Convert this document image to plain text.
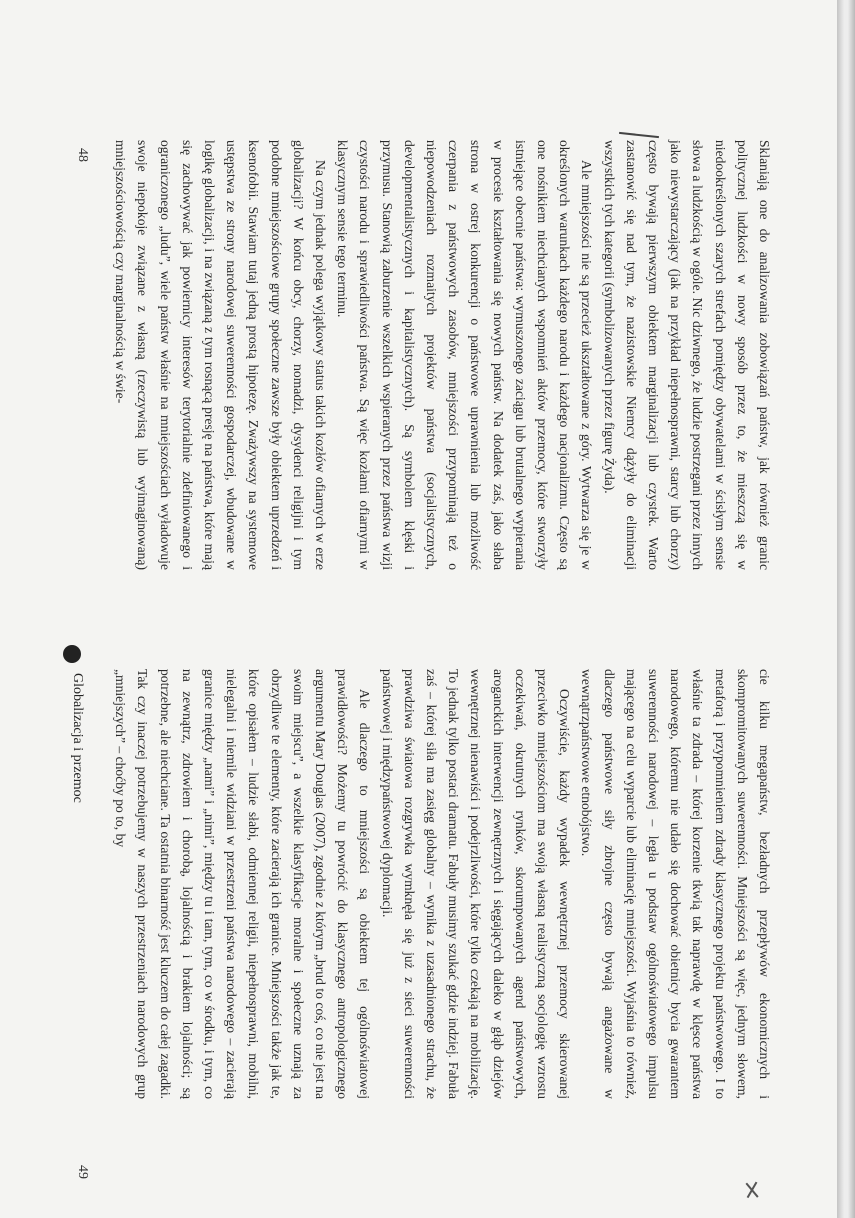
Sklaniają one do analizowania zobowiązań państw, jak również granic politycznej ludzkości w nowy sposób przez to, że mieszczą się w niedookreślonych szarych strefach pomiędzy obywatelami w ścisłym sensie słowa a ludzkością w ogóle. Nic dziwnego, że ludzie postrzegani przez innych jako niewystarczający (jak na przykład niepełnosprawni, starcy lub chorzy) często bywają pierwszym obiektem marginalizacji lub czystek. Warto zastanowić się nad tym, że nazistowskie Niemcy dążyły do eliminacji wszystkich tych kategorii (symbolizowanych przez figurę Żyda).

Ale mniejszości nie są przecież ukształtowane z góry. Wytwarza się je w określonych warunkach każdego narodu i każdego nacjonalizmu. Często są one nośnikiem niechcianych wspomnień aktów przemocy, które stworzyły istniejące obecnie państwa: wymuszonego zaciągu lub brutalnego wypierania w procesie kształtowania się nowych państw. Na dodatek zaś, jako słaba strona w ostrej konkurencji o państwowe uprawnienia lub możliwość czerpania z państwowych zasobów, mniejszości przypominają też o niepowodzeniach rozmaitych projektów państwa (socjalistycznych, developmentalistycznych i kapitalistycznych). Są symbolem klęski i przymusu. Stanowią zaburzenie wszelkich wspieranych przez państwa wizji czystości narodu i sprawiedliwości państwa. Są więc kozłami ofiarnymi w klasycznym sensie tego terminu.

Na czym jednak polega wyjątkowy status takich kozłów ofiarnych w erze globalizacji? W końcu obcy, chorzy, nomadzi, dysydenci religijni i tym podobne mniejszościowe grupy społeczne zawsze były obiektem uprzedzeń i ksenofobii. Stawiam tutaj jedną prostą hipotezę. Zważywszy na systemowe ustępstwa ze strony narodowej suwerenności gospodarczej, wbudowane w logikę globalizacji, i na związaną z tym rosnącą presję na państwa, które mają się zachowywać jak powiernicy interesów terytorialnie zdefiniowanego i ograniczonego „ludu”, wiele państw właśnie na mniejszościach wyładowuje swoje niepokoje związane z własną (rzeczywistą lub wyimaginowaną) mniejszościowością czy marginalnością w świe-

48

cie kilku megapaństw, bezładnych przepływów ekonomicznych i skompromitowanych suwerenności. Mniejszości są więc, jednym słowem, metaforą i przypomnieniem zdrady klasycznego projektu państwowego. I to właśnie ta zdrada – której korzenie tkwią tak naprawdę w klęsce państwa narodowego, któremu nie udało się dochować obietnicy bycia gwarantem suwerenności narodowej – legła u podstaw ogólnoświatowego impulsu mającego na celu wyparcie lub eliminację mniejszości. Wyjaśnia to również, dlaczego państwowe siły zbrojne często bywają angażowane w wewnątrzpaństwowe etnobójstwo.

Oczywiście, każdy wypadek wewnętrznej przemocy skierowanej przeciwko mniejszościom ma swoją własną realistyczną socjologię wzrostu oczekiwań, okrutnych rynków, skorumpowanych agend państwowych, aroganckich interwencji zewnętrznych i sięgających daleko w głąb dziejów wewnętrznej nienawiści i podejrzliwości, które tylko czekają na mobilizację. To jednak tylko postaci dramatu. Fabuły musimy szukać gdzie indziej. Fabuła zaś – której siła ma zasięg globalny – wynika z uzasadnionego strachu, że prawdziwa światowa rozgrywka wymknęła się już z sieci suwerenności państwowej i międzypaństwowej dyplomacji.

Ale dlaczego to mniejszości są obiektem tej ogólnoświatowej prawidłowości? Możemy tu powrócić do klasycznego antropologicznego argumentu Mary Douglas (2007), zgodnie z którym „brud to coś, co nie jest na swoim miejscu”, a wszelkie klasyfikacje moralne i społeczne uznają za obrzydliwe te elementy, które zacierają ich granice. Mniejszości także jak te, które opisałem – ludzie słabi, odmiennej religii, niepełnosprawni, mobilni, nielegalni i niemile widziani w przestrzeni państwa narodowego – zacierają granice między „nami” i „nimi”, między tu i tam, tym, co w środku, i tym, co na zewnątrz, zdrowiem i chorobą, lojalnością i brakiem lojalności; są potrzebne, ale niechciane. Ta ostatnia binarność jest kluczem do całej zagadki. Tak czy inaczej potrzebujemy w naszych przestrzeniach narodowych grup „mniejszych” – choćby po to, by

Globalizacja i przemoc
49
